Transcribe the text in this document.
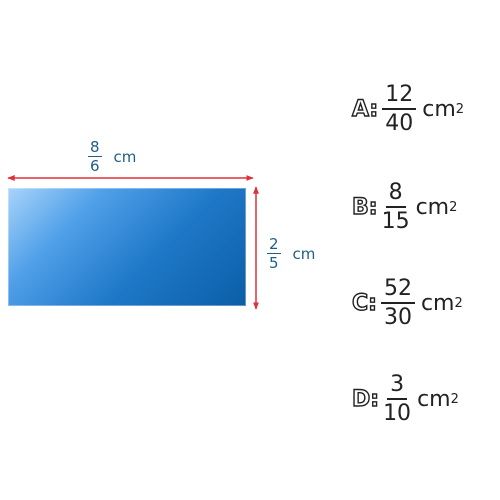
$\frac{8}{6}$ cm
$\frac{2}{5}$ cm
A: $\frac{12}{40}$ cm 2
B: $\frac{8}{15}$ cm 2
C: $\frac{52}{30}$ cm 2
D: $\frac{3}{10}$ cm 2
